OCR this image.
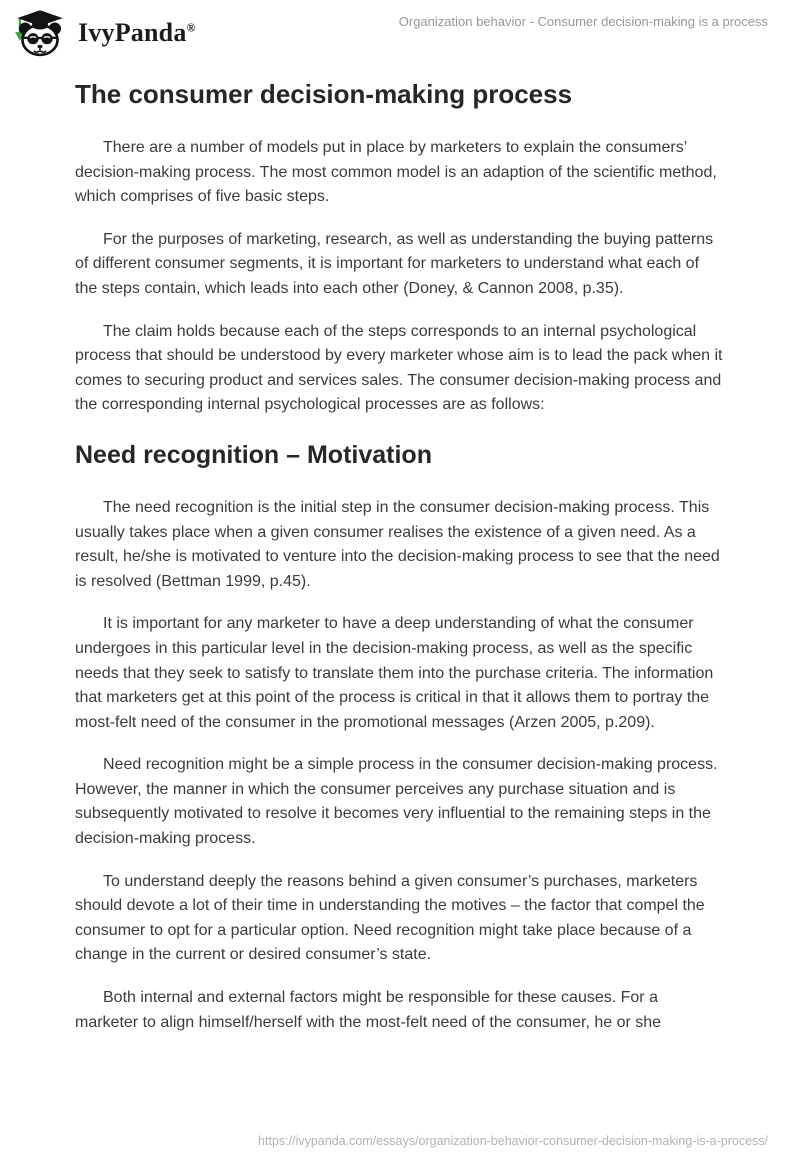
IvyPanda®	Organization behavior - Consumer decision-making is a process
The consumer decision-making process

There are a number of models put in place by marketers to explain the consumers’ decision-making process. The most common model is an adaption of the scientific method, which comprises of five basic steps.

For the purposes of marketing, research, as well as understanding the buying patterns of different consumer segments, it is important for marketers to understand what each of the steps contain, which leads into each other (Doney, & Cannon 2008, p.35).

The claim holds because each of the steps corresponds to an internal psychological process that should be understood by every marketer whose aim is to lead the pack when it comes to securing product and services sales. The consumer decision-making process and the corresponding internal psychological processes are as follows:

Need recognition – Motivation

The need recognition is the initial step in the consumer decision-making process. This usually takes place when a given consumer realises the existence of a given need. As a result, he/she is motivated to venture into the decision-making process to see that the need is resolved (Bettman 1999, p.45).

It is important for any marketer to have a deep understanding of what the consumer undergoes in this particular level in the decision-making process, as well as the specific needs that they seek to satisfy to translate them into the purchase criteria. The information that marketers get at this point of the process is critical in that it allows them to portray the most-felt need of the consumer in the promotional messages (Arzen 2005, p.209).

Need recognition might be a simple process in the consumer decision-making process. However, the manner in which the consumer perceives any purchase situation and is subsequently motivated to resolve it becomes very influential to the remaining steps in the decision-making process.

To understand deeply the reasons behind a given consumer’s purchases, marketers should devote a lot of their time in understanding the motives – the factor that compel the consumer to opt for a particular option. Need recognition might take place because of a change in the current or desired consumer’s state.

Both internal and external factors might be responsible for these causes. For a marketer to align himself/herself with the most-felt need of the consumer, he or she

https://ivypanda.com/essays/organization-behavior-consumer-decision-making-is-a-process/
